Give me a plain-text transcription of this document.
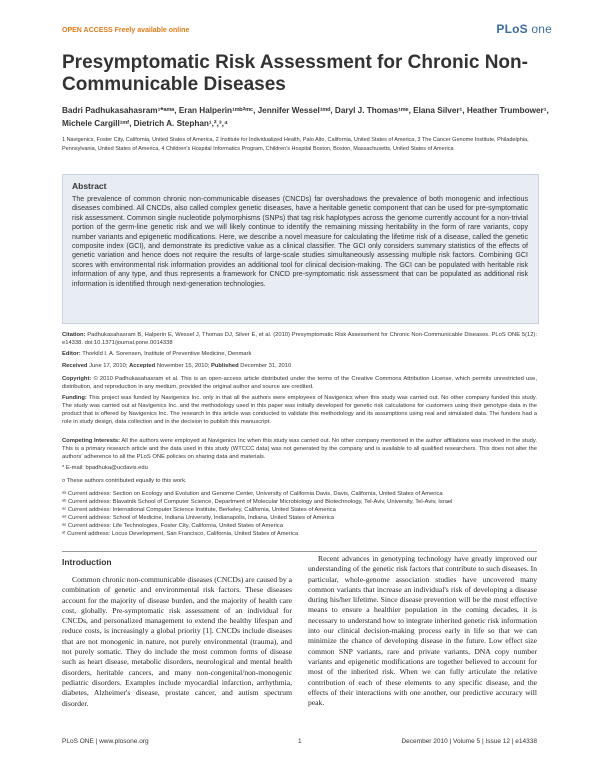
OPEN ACCESS Freely available online	PLoS one
Presymptomatic Risk Assessment for Chronic Non-Communicable Diseases
Badri Padhukasahasram¹*ᵃᵐᵃ, Eran Halperin¹ᵐᵇ²ᵐᶜ, Jennifer Wessel¹ᵐᵈ, Daryl J. Thomas¹ᵐᵉ, Elana Silver¹, Heather Trumbower¹, Michele Cargill¹ᵐᶠ, Dietrich A. Stephan¹,²,³,⁴
1 Navigenics, Foster City, California, United States of America, 2 Institute for Individualized Health, Palo Alto, California, United States of America, 3 The Cancer Genome Institute, Philadelphia, Pennsylvania, United States of America, 4 Children's Hospital Informatics Program, Children's Hospital Boston, Boston, Massachusetts, United States of America
Abstract
The prevalence of common chronic non-communicable diseases (CNCDs) far overshadows the prevalence of both monogenic and infectious diseases combined. All CNCDs, also called complex genetic diseases, have a heritable genetic component that can be used for pre-symptomatic risk assessment. Common single nucleotide polymorphisms (SNPs) that tag risk haplotypes across the genome currently account for a non-trivial portion of the germ-line genetic risk and we will likely continue to identify the remaining missing heritability in the form of rare variants, copy number variants and epigenetic modifications. Here, we describe a novel measure for calculating the lifetime risk of a disease, called the genetic composite index (GCI), and demonstrate its predictive value as a clinical classifier. The GCI only considers summary statistics of the effects of genetic variation and hence does not require the results of large-scale studies simultaneously assessing multiple risk factors. Combining GCI scores with environmental risk information provides an additional tool for clinical decision-making. The GCI can be populated with heritable risk information of any type, and thus represents a framework for CNCD pre-symptomatic risk assessment that can be populated as additional risk information is identified through next-generation technologies.
Citation: Padhukasahasram B, Halperin E, Wessel J, Thomas DJ, Silver E, et al. (2010) Presymptomatic Risk Assessment for Chronic Non-Communicable Diseases. PLoS ONE 5(12): e14338. doi:10.1371/journal.pone.0014338
Editor: Thorkild I. A. Sorensen, Institute of Preventive Medicine, Denmark
Received June 17, 2010; Accepted November 15, 2010; Published December 31, 2010
Copyright: © 2010 Padhukasahasram et al. This is an open-access article distributed under the terms of the Creative Commons Attribution License, which permits unrestricted use, distribution, and reproduction in any medium, provided the original author and source are credited.
Funding: This project was funded by Navigenics Inc. only in that all the authors were employees of Navigenics when this study was carried out. No other company funded this study. The study was carried out at Navigenics Inc. and the methodology used in this paper was initially developed for genetic risk calculations for customers using their genotype data in the product that is offered by Navigenics Inc. The research in this article was conducted to validate this methodology and its assumptions using real and simulated data. The funders had a role in study design, data collection and in the decision to publish this manuscript.
Competing Interests: All the authors were employed at Navigenics Inc when this study was carried out. No other company mentioned in the author affiliations was involved in the study. This is a primary research article and the data used in this study (WTCCC data) was not generated by the company and is available to all qualified researchers. This does not alter the authors' adherence to all the PLoS ONE policies on sharing data and materials.
* E-mail: bpadhuka@ucdavis.edu
¤ These authors contributed equally to this work.
ᵃᵃ Current address: Section on Ecology and Evolution and Genome Center, University of California Davis, Davis, California, United States of America
ᵃᵇ Current address: Blavatnik School of Computer Science, Department of Molecular Microbiology and Biotechnology, Tel-Aviv, University, Tel-Aviv, Israel
ᵃᶜ Current address: International Computer Science Institute, Berkeley, California, United States of America
ᵃᵈ Current address: School of Medicine, Indiana University, Indianapolis, Indiana, United States of America
ᵃᵉ Current address: Life Technologies, Foster City, California, United States of America
ᵃᶠ Current address: Locus Development, San Francisco, California, United States of America
Introduction

Common chronic non-communicable diseases (CNCDs) are caused by a combination of genetic and environmental risk factors. These diseases account for the majority of disease burden, and the majority of health care cost, globally. Pre-symptomatic risk assessment of an individual for CNCDs, and personalized management to extend the healthy lifespan and reduce costs, is increasingly a global priority [1]. CNCDs include diseases that are not monogenic in nature, not purely environmental (trauma), and not purely somatic. They do include the most common forms of disease such as heart disease, metabolic disorders, neurological and mental health disorders, heritable cancers, and many non-congenital/non-monogenic pediatric disorders. Examples include myocardial infarction, arrhythmia, diabetes, Alzheimer's disease, prostate cancer, and autism spectrum disorder.

Recent advances in genotyping technology have greatly improved our understanding of the genetic risk factors that contribute to such diseases. In particular, whole-genome association studies have uncovered many common variants that increase an individual's risk of developing a disease during his/her lifetime. Since disease prevention will be the most effective means to ensure a healthier population in the coming decades, it is necessary to understand how to integrate inherited genetic risk information into our clinical decision-making process early in life so that we can minimize the chance of developing disease in the future. Low effect size common SNP variants, rare and private variants, DNA copy number variants and epigenetic modifications are together believed to account for most of the inherited risk. When we can fully articulate the relative contribution of each of these elements to any specific disease, and the effects of their interactions with one another, our predictive accuracy will peak.

PLoS ONE | www.plosone.org	1	December 2010 | Volume 5 | Issue 12 | e14338
